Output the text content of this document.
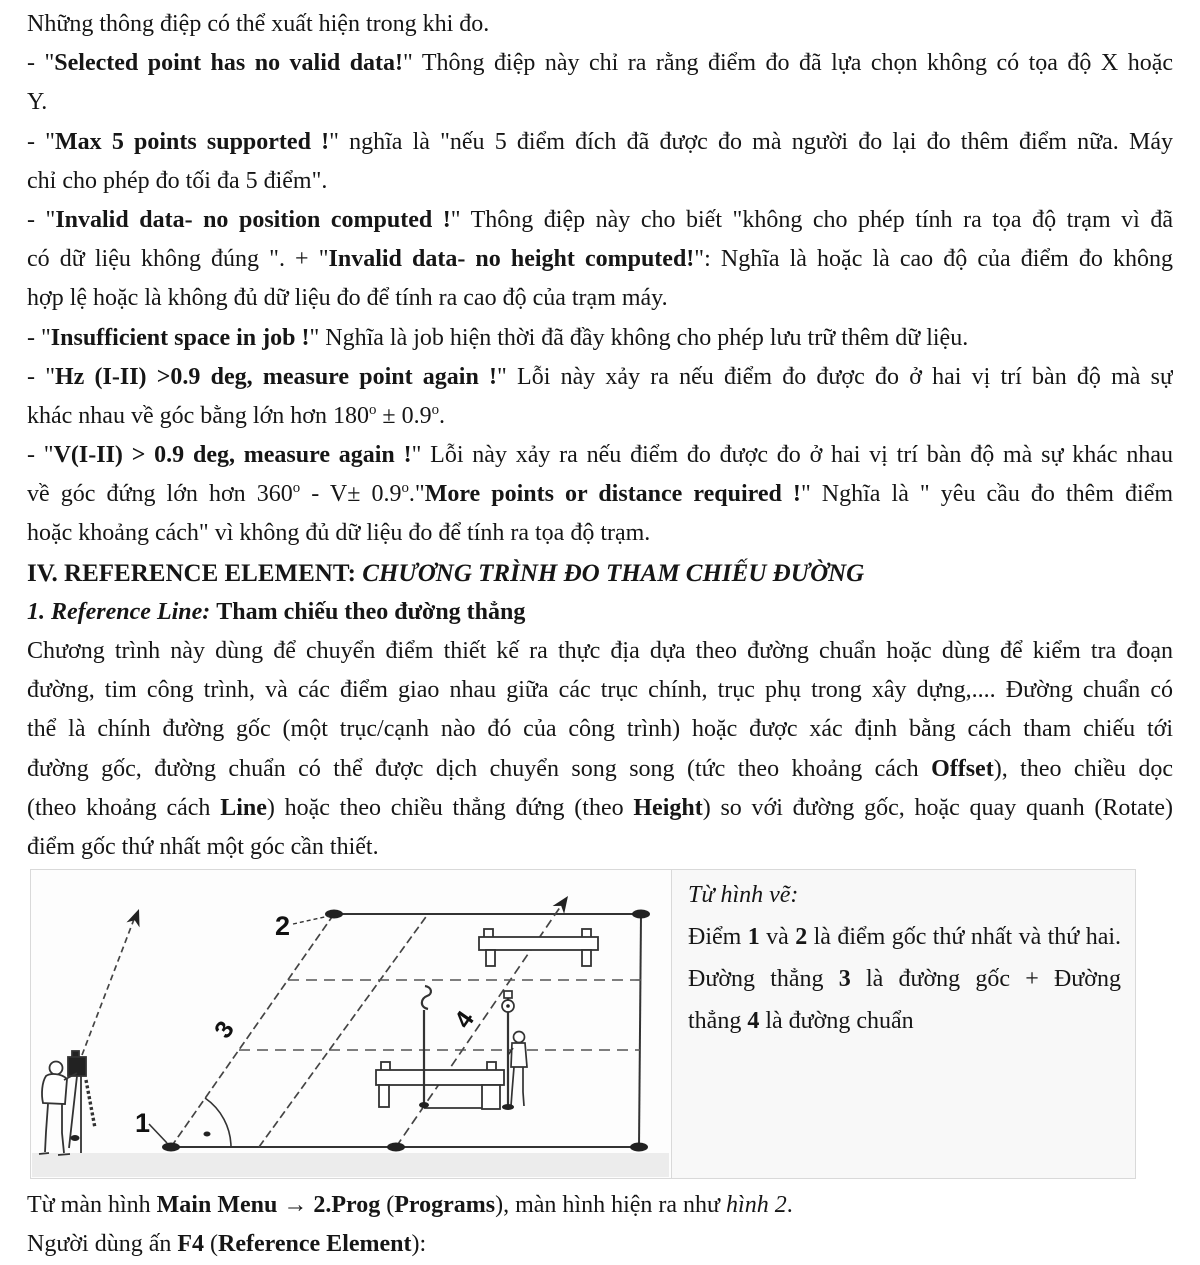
Những thông điệp có thể xuất hiện trong khi đo.
- "Selected point has no valid data!" Thông điệp này chỉ ra rằng điểm đo đã lựa chọn không có tọa độ X hoặc
Y.
- "Max 5 points supported !" nghĩa là "nếu 5 điểm đích đã được đo mà người đo lại đo thêm điểm nữa. Máy
chỉ cho phép đo tối đa 5 điểm".
- "Invalid data- no position computed !" Thông điệp này cho biết "không cho phép tính ra tọa độ trạm vì đã
có dữ liệu không đúng ". + "Invalid data- no height computed!": Nghĩa là hoặc là cao độ của điểm đo không
hợp lệ hoặc là không đủ dữ liệu đo để tính ra cao độ của trạm máy.
- "Insufficient space in job !" Nghĩa là job hiện thời đã đầy không cho phép lưu trữ thêm dữ liệu.
- "Hz (I-II) >0.9 deg, measure point again !" Lỗi này xảy ra nếu điểm đo được đo ở hai vị trí bàn độ mà sự
khác nhau về góc bằng lớn hơn $180^o \pm 0.9^o$.
- "V(I-II) > 0.9 deg, measure again !" Lỗi này xảy ra nếu điểm đo được đo ở hai vị trí bàn độ mà sự khác nhau
về góc đứng lớn hơn $360^o - V\pm 0.9^o."More$ points or distance required !" Nghĩa là " yêu cầu đo thêm điểm
hoặc khoảng cách" vì không đủ dữ liệu đo để tính ra tọa độ trạm.
IV. REFERENCE ELEMENT: CHƯƠNG TRÌNH ĐO THAM CHIẾU ĐƯỜNG
1. Reference Line: Tham chiếu theo đường thẳng
Chương trình này dùng để chuyển điểm thiết kế ra thực địa dựa theo đường chuẩn hoặc dùng để kiểm tra đoạn
đường, tim công trình, và các điểm giao nhau giữa các trục chính, trục phụ trong xây dựng,.... Đường chuẩn có
thể là chính đường gốc (một trục/cạnh nào đó của công trình) hoặc được xác định bằng cách tham chiếu tới
đường gốc, đường chuẩn có thể được dịch chuyển song song (tức theo khoảng cách Offset), theo chiều dọc
(theo khoảng cách Line) hoặc theo chiều thẳng đứng (theo Height) so với đường gốc, hoặc quay quanh (Rotate)
điểm gốc thứ nhất một góc cần thiết.
1
2
3	4
Từ hình vẽ:
Điểm 1 và 2 là điểm gốc thứ nhất và thứ hai.
Đường thẳng 3 là đường gốc + Đường
thẳng 4 là đường chuẩn
Từ màn hình Main Menu → 2.Prog (Programs), màn hình hiện ra như hình 2.
Người dùng ấn F4 (Reference Element):
